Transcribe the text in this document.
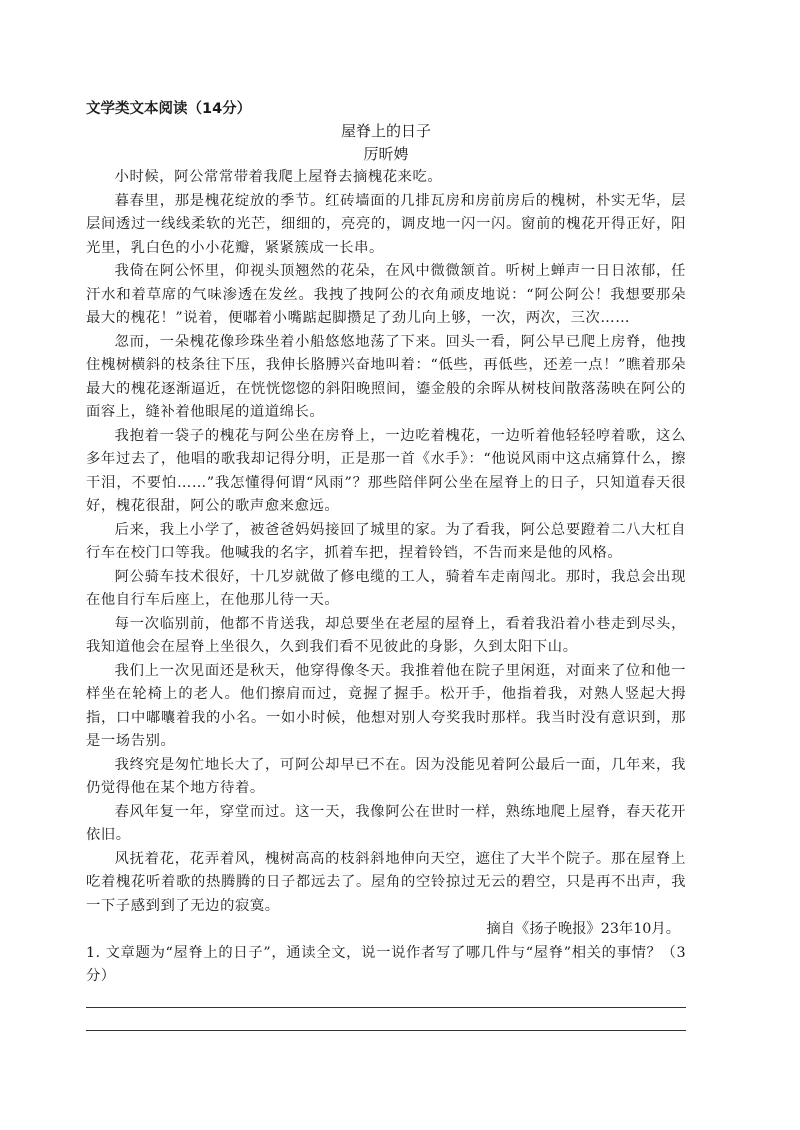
文学类文本阅读（14分）

屋脊上的日子

厉昕娉

小时候，阿公常常带着我爬上屋脊去摘槐花来吃。

暮春里，那是槐花绽放的季节。红砖墙面的几排瓦房和房前房后的槐树，朴实无华，层层间透过一线线柔软的光芒，细细的，亮亮的，调皮地一闪一闪。窗前的槐花开得正好，阳光里，乳白色的小小花瓣，紧紧簇成一长串。

我倚在阿公怀里，仰视头顶翘然的花朵，在风中微微颔首。听树上蝉声一日日浓郁，任汗水和着草席的气味渗透在发丝。我拽了拽阿公的衣角顽皮地说：“阿公阿公！我想要那朵最大的槐花！”说着，便嘟着小嘴踮起脚攒足了劲儿向上够，一次，两次，三次……

忽而，一朵槐花像珍珠坐着小船悠悠地荡了下来。回头一看，阿公早已爬上房脊，他拽住槐树横斜的枝条往下压，我伸长胳膊兴奋地叫着：“低些，再低些，还差一点！”瞧着那朵最大的槐花逐渐逼近，在恍恍惚惚的斜阳晚照间，鎏金般的余晖从树枝间散落荡映在阿公的面容上，缝补着他眼尾的道道绵长。

我抱着一袋子的槐花与阿公坐在房脊上，一边吃着槐花，一边听着他轻轻哼着歌，这么多年过去了，他唱的歌我却记得分明，正是那一首《水手》：“他说风雨中这点痛算什么，擦干泪，不要怕……”我怎懂得何谓“风雨”？那些陪伴阿公坐在屋脊上的日子，只知道春天很好，槐花很甜，阿公的歌声愈来愈远。

后来，我上小学了，被爸爸妈妈接回了城里的家。为了看我，阿公总要蹬着二八大杠自行车在校门口等我。他喊我的名字，抓着车把，捏着铃铛，不告而来是他的风格。

阿公骑车技术很好，十几岁就做了修电缆的工人，骑着车走南闯北。那时，我总会出现在他自行车后座上，在他那儿待一天。

每一次临别前，他都不肯送我，却总要坐在老屋的屋脊上，看着我沿着小巷走到尽头，我知道他会在屋脊上坐很久，久到我们看不见彼此的身影，久到太阳下山。

我们上一次见面还是秋天，他穿得像冬天。我推着他在院子里闲逛，对面来了位和他一样坐在轮椅上的老人。他们擦肩而过，竟握了握手。松开手，他指着我，对熟人竖起大拇指，口中嘟囔着我的小名。一如小时候，他想对别人夸奖我时那样。我当时没有意识到，那是一场告别。

我终究是匆忙地长大了，可阿公却早已不在。因为没能见着阿公最后一面，几年来，我仍觉得他在某个地方待着。

春风年复一年，穿堂而过。这一天，我像阿公在世时一样，熟练地爬上屋脊，春天花开依旧。

风抚着花，花弄着风，槐树高高的枝斜斜地伸向天空，遮住了大半个院子。那在屋脊上吃着槐花听着歌的热腾腾的日子都远去了。屋角的空铃掠过无云的碧空，只是再不出声，我一下子感到到了无边的寂寞。

摘自《扬子晚报》23年10月。

1. 文章题为“屋脊上的日子”，通读全文，说一说作者写了哪几件与“屋脊”相关的事情？（3分）
